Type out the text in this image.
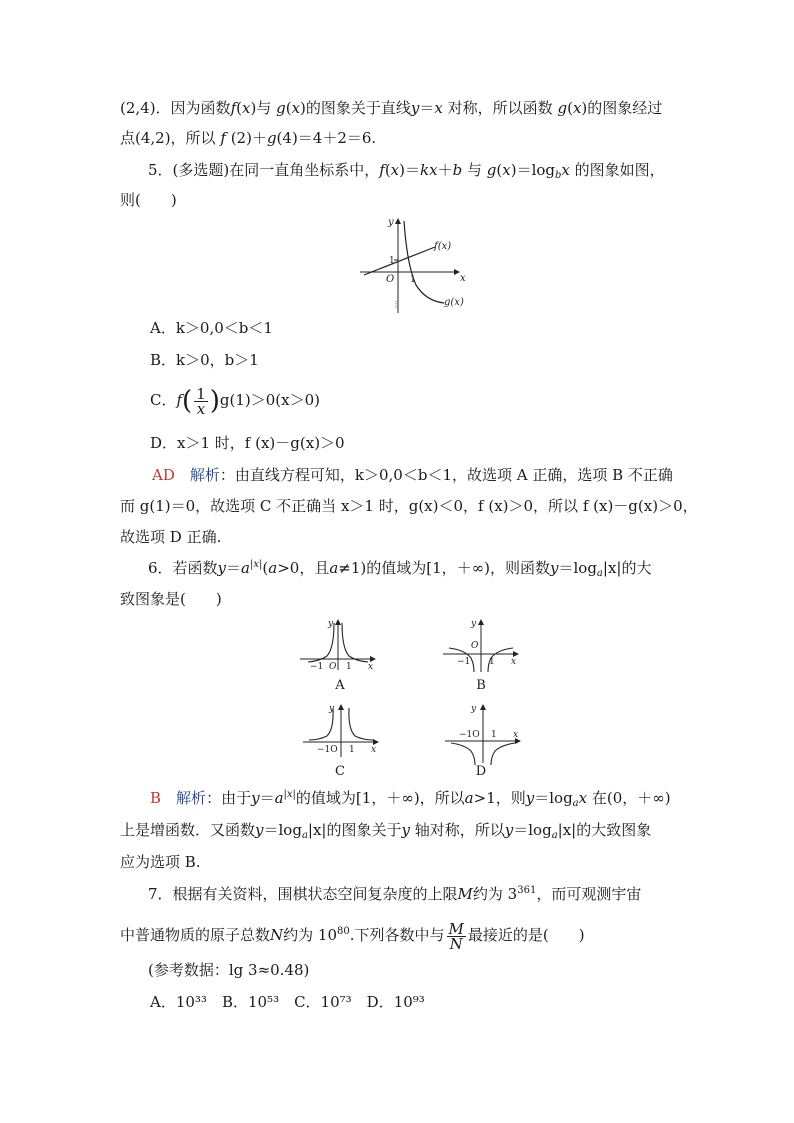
(2,4)．因为函数f(x)与 g(x)的图象关于直线y＝x 对称，所以函数 g(x)的图象经过
点(4,2)，所以 f (2)＋g(4)＝4＋2＝6.
5．(多选题)在同一直角坐标系中，f(x)＝kx＋b 与 $g(x)=\log_bx$ 的图象如图，
则(　　)
y
x
O 1
1
f(x)
g(x)
A．k＞0,0＜b＜1
B．k＞0，b＞1
C．$f( \frac{1}{x} )g(1)>0(x>0)$
D．x＞1 时，f (x)－g(x)＞0
AD　 解析：由直线方程可知，k＞0,0＜b＜1，故选项 A 正确，选项 B 不正确
而 g(1)＝0，故选项 C 不正确当 x＞1 时，g(x)＜0，f (x)＞0，所以 f (x)－g(x)＞0，
故选项 D 正确.
6．若函数$y=a^{|x|}(a>0$，且a≠1)的值域为[1，＋∞)，则函数$y=\log_a|x|$的大
致图象是(　　)
y
x
−1 O 1
A
y
x
−1
O
1
B
y
x
−1O 1
C
y
x
−1O 1
D
B　 解析：由于$y=a^{|x|}$的值域为[1，＋∞)，所以a>1，则$y=\log_ax$ 在(0，＋∞)
上是增函数．又函数$y=\log_a|x|$的图象关于y 轴对称，所以$y=\log_a|x|$的大致图象
应为选项 B.
7．根据有关资料，围棋状态空间复杂度的上限M约为 $3^{361}$，而可观测宇宙
中普通物质的原子总数N约为 $10^{80}$.下列各数中与 $\frac{M}{N}$ 最接近的是(　　)
(参考数据：lg 3≈0.48)
A．10³³　B．10⁵³　C．10⁷³　D．10⁹³
